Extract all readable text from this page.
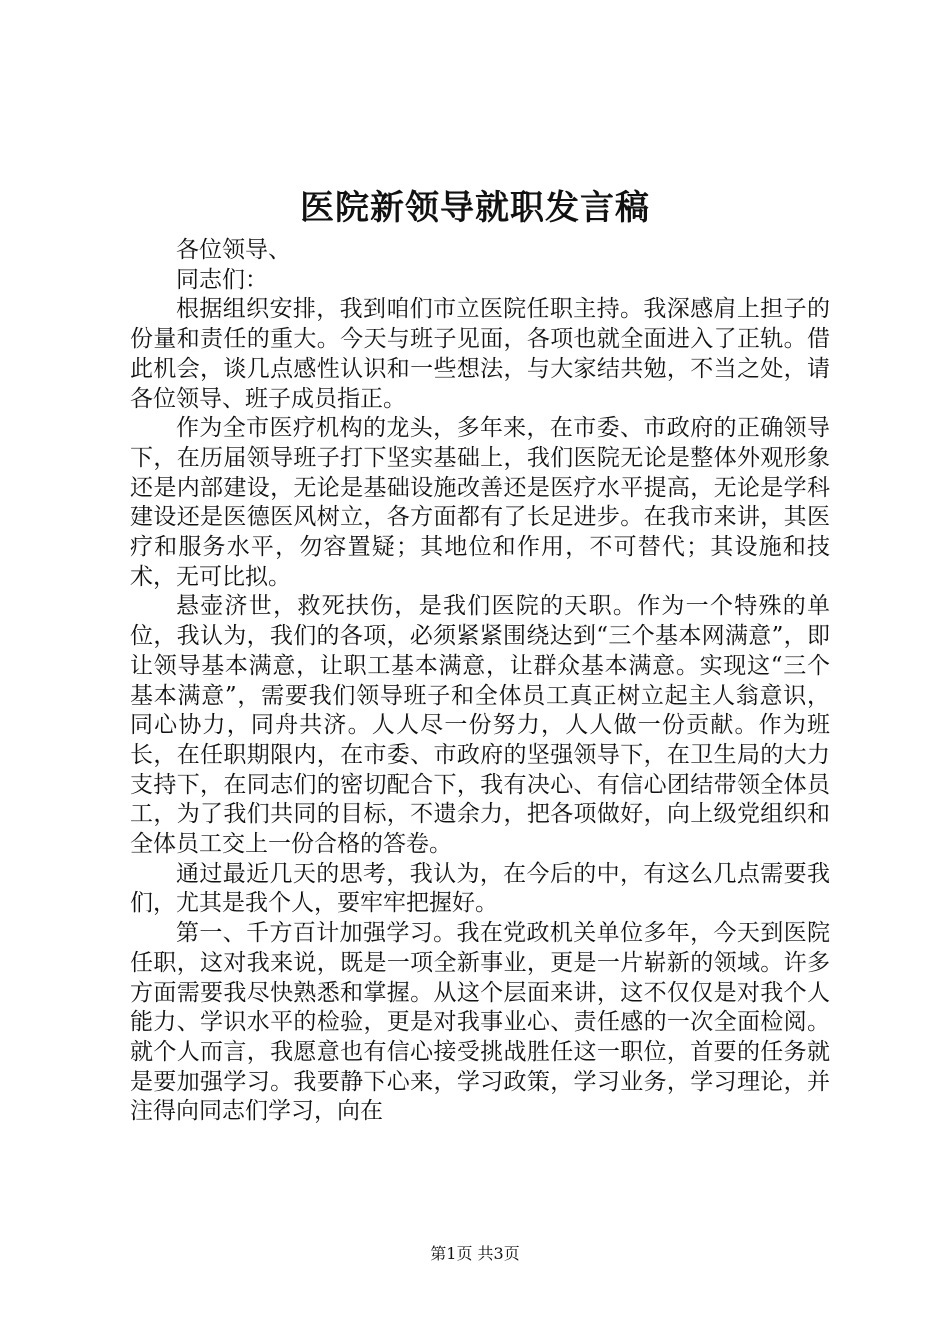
医院新领导就职发言稿

各位领导、

同志们：

根据组织安排，我到咱们市立医院任职主持。我深感肩上担子的份量和责任的重大。今天与班子见面，各项也就全面进入了正轨。借此机会，谈几点感性认识和一些想法，与大家结共勉，不当之处，请各位领导、班子成员指正。

作为全市医疗机构的龙头，多年来，在市委、市政府的正确领导下，在历届领导班子打下坚实基础上，我们医院无论是整体外观形象还是内部建设，无论是基础设施改善还是医疗水平提高，无论是学科建设还是医德医风树立，各方面都有了长足进步。在我市来讲，其医疗和服务水平，勿容置疑；其地位和作用，不可替代；其设施和技术，无可比拟。

悬壶济世，救死扶伤，是我们医院的天职。作为一个特殊的单位，我认为，我们的各项，必须紧紧围绕达到“三个基本网满意”，即让领导基本满意，让职工基本满意，让群众基本满意。实现这“三个基本满意”，需要我们领导班子和全体员工真正树立起主人翁意识，同心协力，同舟共济。人人尽一份努力，人人做一份贡献。作为班长，在任职期限内，在市委、市政府的坚强领导下，在卫生局的大力支持下，在同志们的密切配合下，我有决心、有信心团结带领全体员工，为了我们共同的目标，不遗余力，把各项做好，向上级党组织和全体员工交上一份合格的答卷。

通过最近几天的思考，我认为，在今后的中，有这么几点需要我们，尤其是我个人，要牢牢把握好。

第一、千方百计加强学习。我在党政机关单位多年，今天到医院任职，这对我来说，既是一项全新事业，更是一片崭新的领域。许多方面需要我尽快熟悉和掌握。从这个层面来讲，这不仅仅是对我个人能力、学识水平的检验，更是对我事业心、责任感的一次全面检阅。就个人而言，我愿意也有信心接受挑战胜任这一职位，首要的任务就是要加强学习。我要静下心来，学习政策，学习业务，学习理论，并注得向同志们学习，向在

第1页 共3页
